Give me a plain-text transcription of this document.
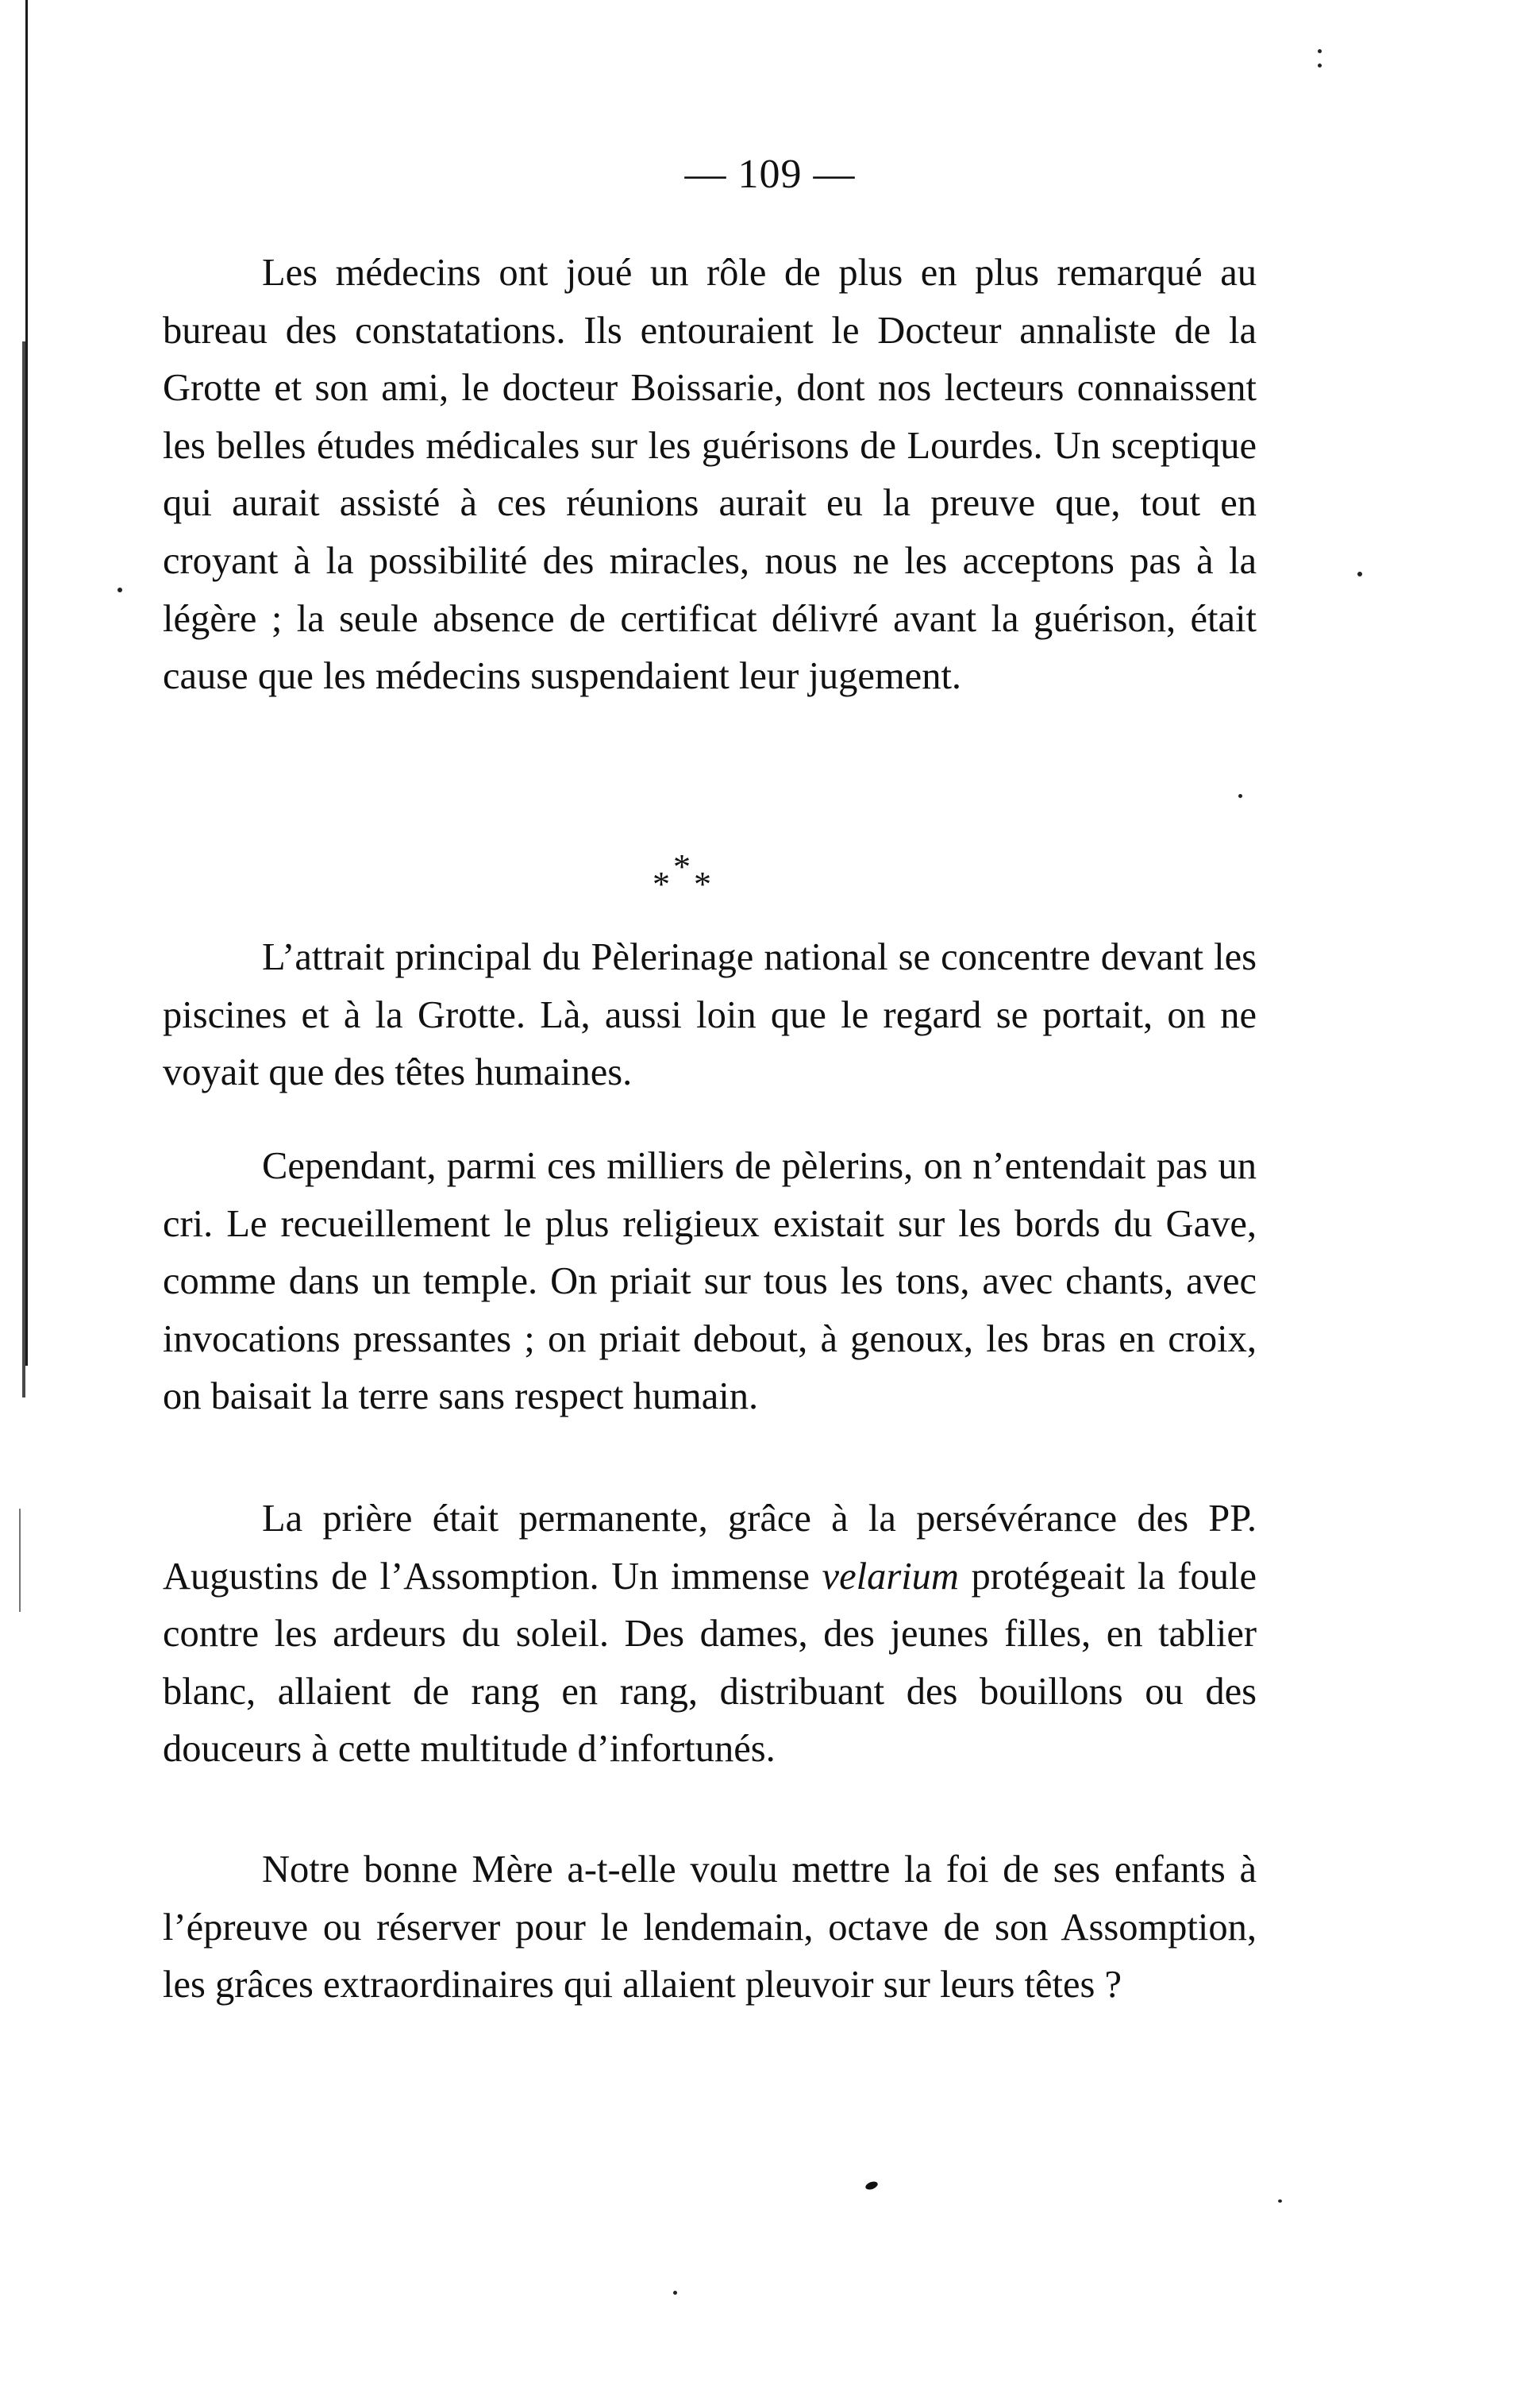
— 109 —

Les médecins ont joué un rôle de plus en plus remarqué au bureau des constatations. Ils entouraient le Docteur annaliste de la Grotte et son ami, le docteur Boissarie, dont nos lecteurs connaissent les belles études médicales sur les guérisons de Lourdes. Un sceptique qui aurait assisté à ces réunions aurait eu la preuve que, tout en croyant à la possibilité des miracles, nous ne les acceptons pas à la légère ; la seule absence de certificat délivré avant la guérison, était cause que les médecins suspendaient leur jugement.

*
* *

L’attrait principal du Pèlerinage national se concentre devant les piscines et à la Grotte. Là, aussi loin que le regard se portait, on ne voyait que des têtes humaines.

Cependant, parmi ces milliers de pèlerins, on n’entendait pas un cri. Le recueillement le plus religieux existait sur les bords du Gave, comme dans un temple. On priait sur tous les tons, avec chants, avec invocations pressantes ; on priait debout, à genoux, les bras en croix, on baisait la terre sans respect humain.

La prière était permanente, grâce à la persévérance des PP. Augustins de l’Assomption. Un immense velarium protégeait la foule contre les ardeurs du soleil. Des dames, des jeunes filles, en tablier blanc, allaient de rang en rang, distribuant des bouillons ou des douceurs à cette multitude d’infortunés.

Notre bonne Mère a-t-elle voulu mettre la foi de ses enfants à l’épreuve ou réserver pour le lendemain, octave de son Assomption, les grâces extraordinaires qui allaient pleuvoir sur leurs têtes ?
